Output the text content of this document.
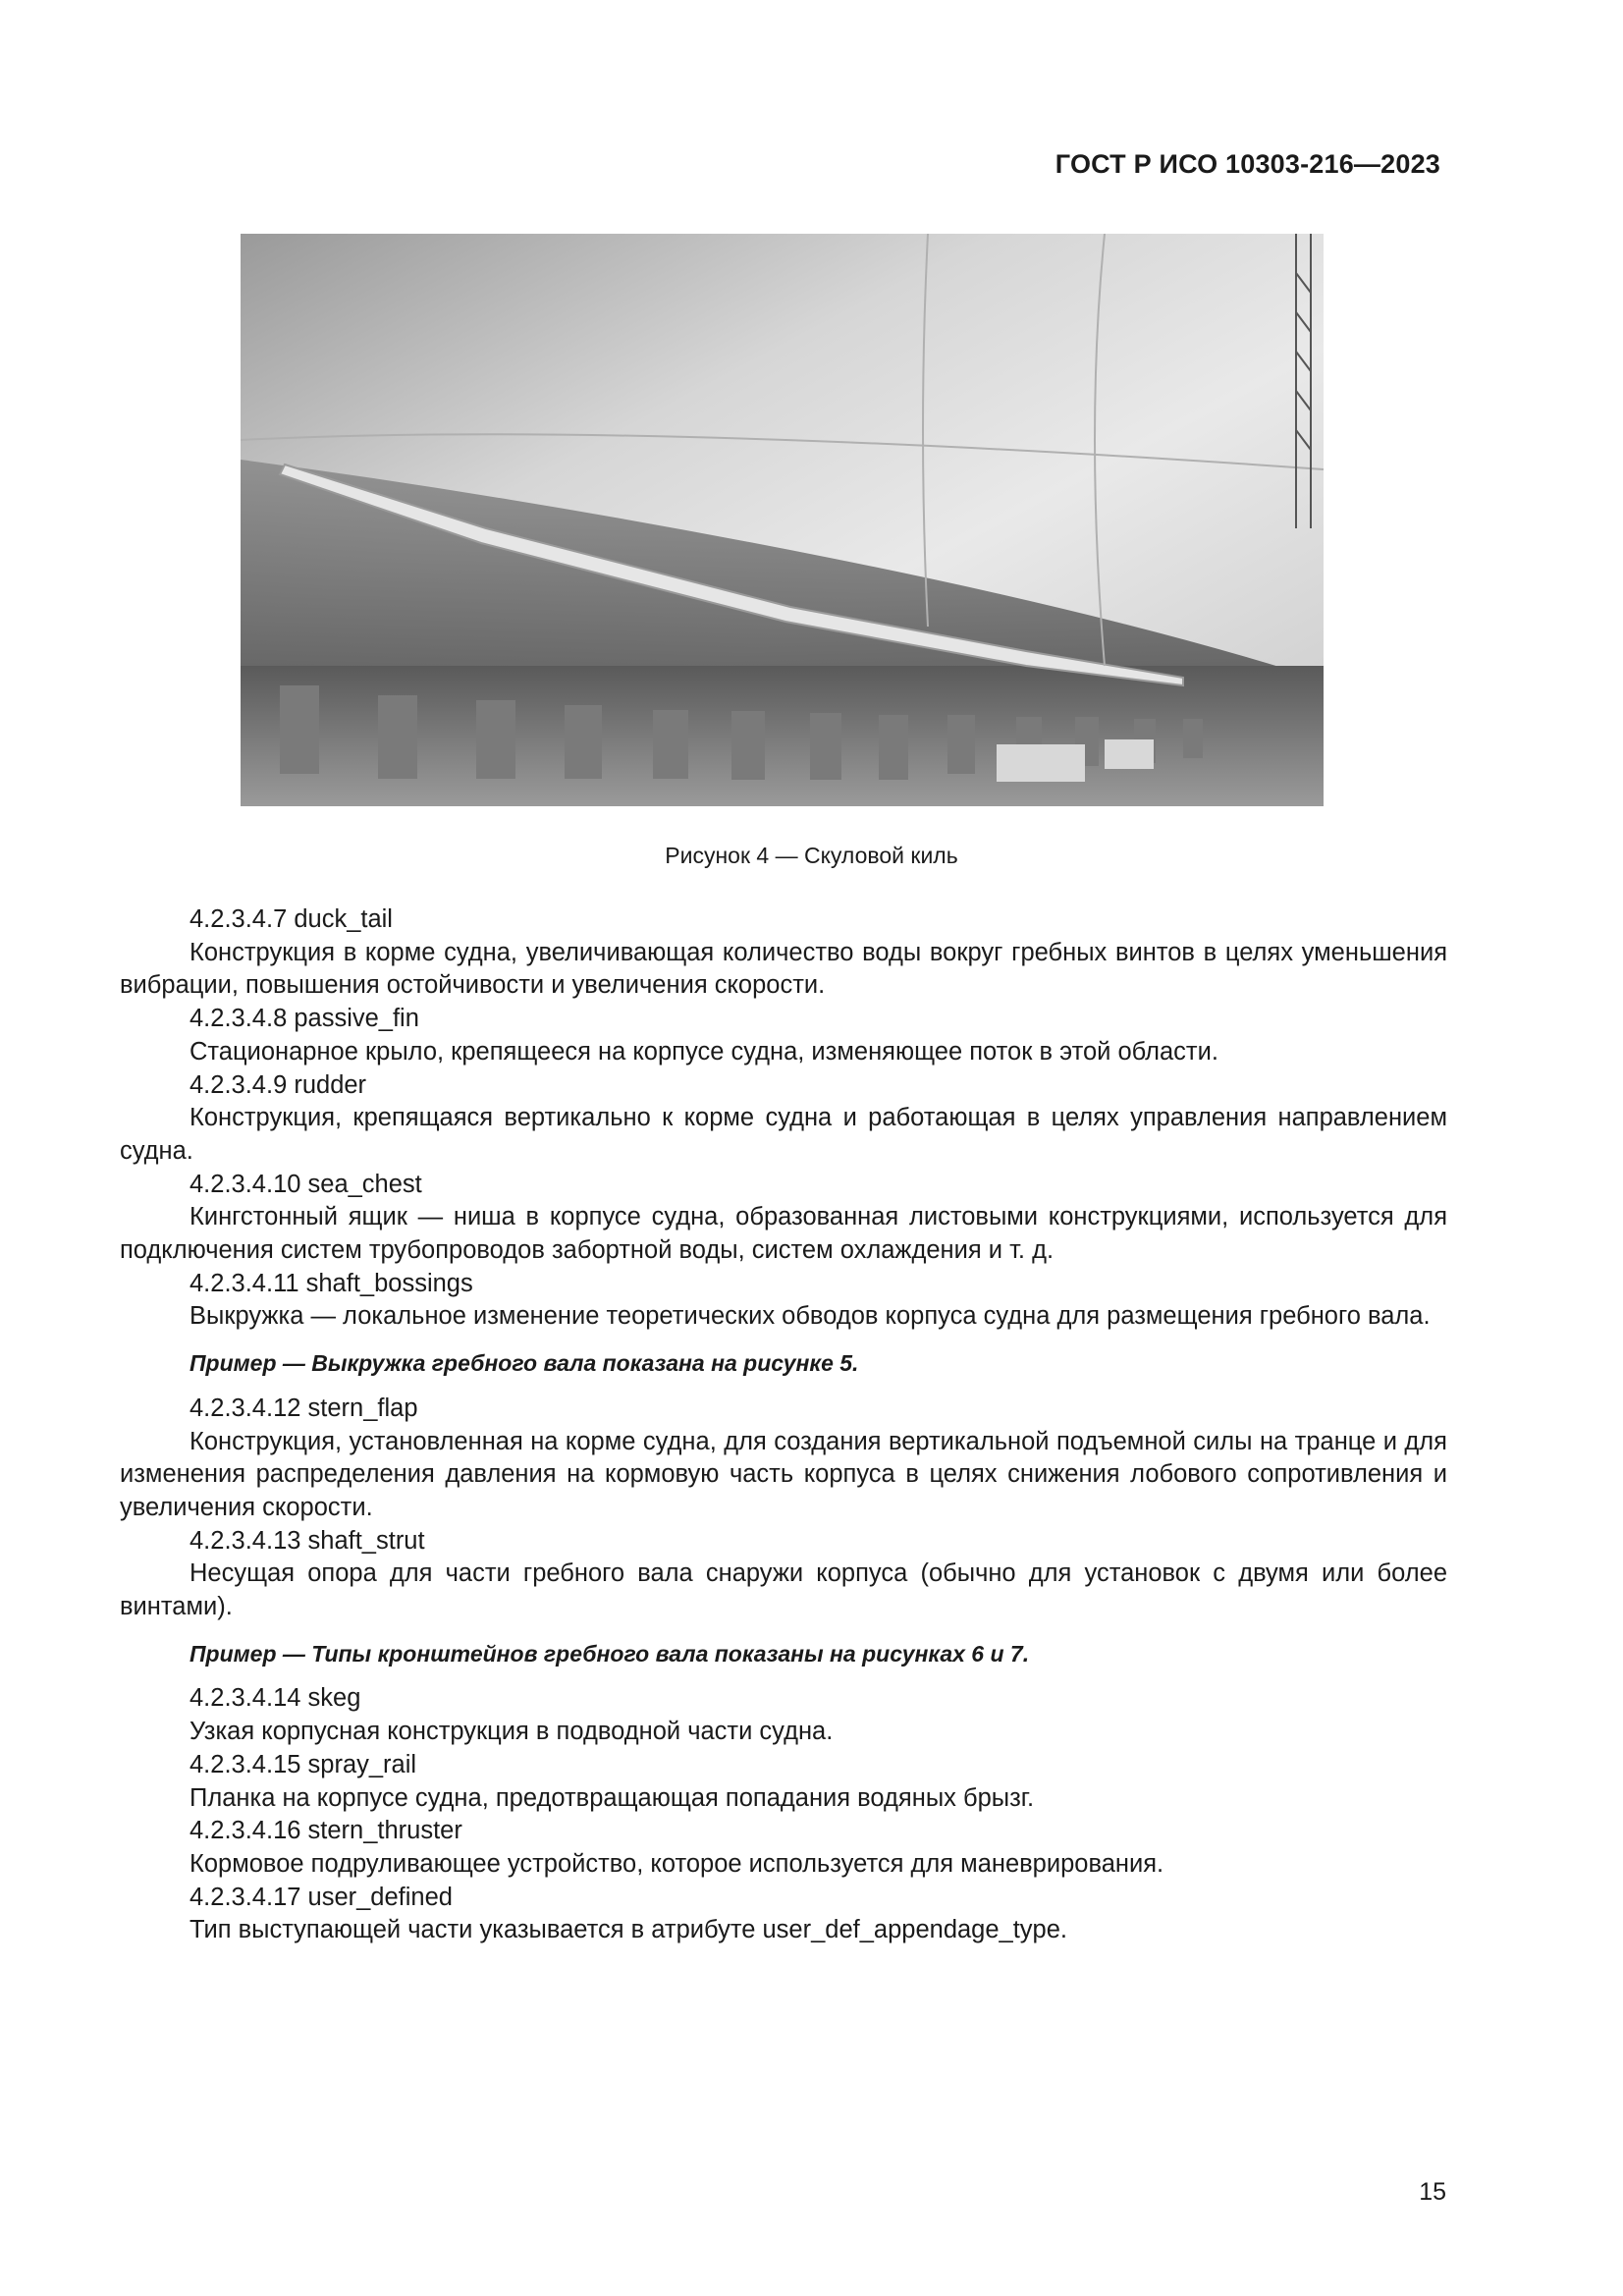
ГОСТ Р ИСО 10303-216—2023
Рисунок 4 — Скуловой киль

4.2.3.4.7 duck_tail

Конструкция в корме судна, увеличивающая количество воды вокруг гребных винтов в целях уменьшения вибрации, повышения остойчивости и увеличения скорости.

4.2.3.4.8 passive_fin

Стационарное крыло, крепящееся на корпусе судна, изменяющее поток в этой области.

4.2.3.4.9 rudder

Конструкция, крепящаяся вертикально к корме судна и работающая в целях управления направлением судна.

4.2.3.4.10 sea_chest

Кингстонный ящик — ниша в корпусе судна, образованная листовыми конструкциями, используется для подключения систем трубопроводов забортной воды, систем охлаждения и т. д.

4.2.3.4.11 shaft_bossings

Выкружка — локальное изменение теоретических обводов корпуса судна для размещения гребного вала.

Пример — Выкружка гребного вала показана на рисунке 5.

4.2.3.4.12 stern_flap

Конструкция, установленная на корме судна, для создания вертикальной подъемной силы на транце и для изменения распределения давления на кормовую часть корпуса в целях снижения лобового сопротивления и увеличения скорости.

4.2.3.4.13 shaft_strut

Несущая опора для части гребного вала снаружи корпуса (обычно для установок с двумя или более винтами).

Пример — Типы кронштейнов гребного вала показаны на рисунках 6 и 7.

4.2.3.4.14 skeg

Узкая корпусная конструкция в подводной части судна.

4.2.3.4.15 spray_rail

Планка на корпусе судна, предотвращающая попадания водяных брызг.

4.2.3.4.16 stern_thruster

Кормовое подруливающее устройство, которое используется для маневрирования.

4.2.3.4.17 user_defined

Тип выступающей части указывается в атрибуте user_def_appendage_type.

15
